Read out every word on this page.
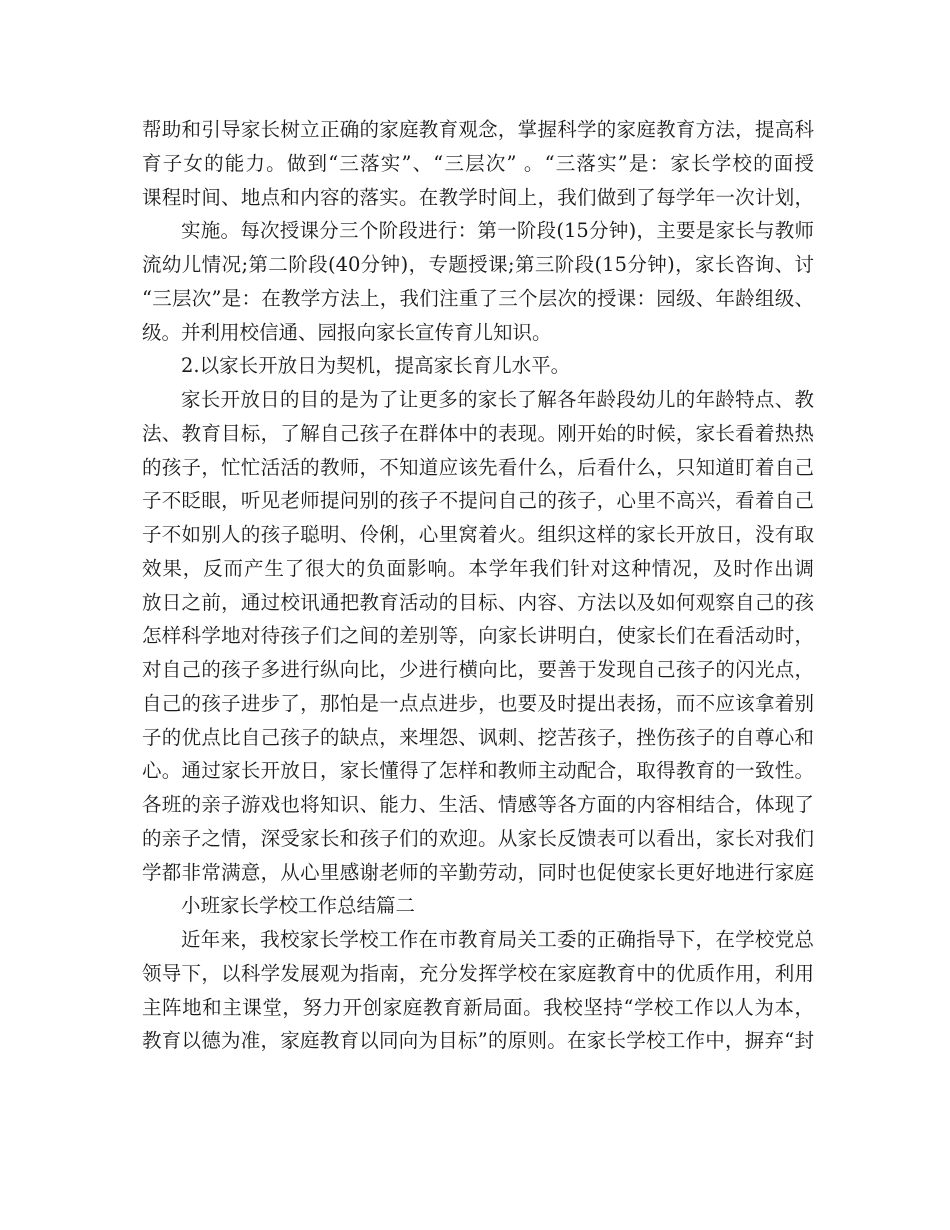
帮助和引导家长树立正确的家庭教育观念，掌握科学的家庭教育方法，提高科
育子女的能力。做到“三落实”、“三层次” 。“三落实”是：家长学校的面授
课程时间、地点和内容的落实。在教学时间上，我们做到了每学年一次计划，
实施。每次授课分三个阶段进行：第一阶段(15分钟)，主要是家长与教师
流幼儿情况;第二阶段(40分钟)，专题授课;第三阶段(15分钟)，家长咨询、讨
“三层次”是：在教学方法上，我们注重了三个层次的授课：园级、年龄组级、
级。并利用校信通、园报向家长宣传育儿知识。
2.以家长开放日为契机，提高家长育儿水平。
家长开放日的目的是为了让更多的家长了解各年龄段幼儿的年龄特点、教
法、教育目标，了解自己孩子在群体中的表现。刚开始的时候，家长看着热热
的孩子，忙忙活活的教师，不知道应该先看什么，后看什么，只知道盯着自己
子不眨眼，听见老师提问别的孩子不提问自己的孩子，心里不高兴，看着自己
子不如别人的孩子聪明、伶俐，心里窝着火。组织这样的家长开放日，没有取
效果，反而产生了很大的负面影响。本学年我们针对这种情况，及时作出调
放日之前，通过校讯通把教育活动的目标、内容、方法以及如何观察自己的孩
怎样科学地对待孩子们之间的差别等，向家长讲明白，使家长们在看活动时，
对自己的孩子多进行纵向比，少进行横向比，要善于发现自己孩子的闪光点，
自己的孩子进步了，那怕是一点点进步，也要及时提出表扬，而不应该拿着别
子的优点比自己孩子的缺点，来埋怨、讽刺、挖苦孩子，挫伤孩子的自尊心和
心。通过家长开放日，家长懂得了怎样和教师主动配合，取得教育的一致性。
各班的亲子游戏也将知识、能力、生活、情感等各方面的内容相结合，体现了
的亲子之情，深受家长和孩子们的欢迎。从家长反馈表可以看出，家长对我们
学都非常满意，从心里感谢老师的辛勤劳动，同时也促使家长更好地进行家庭
小班家长学校工作总结篇二
近年来，我校家长学校工作在市教育局关工委的正确指导下，在学校党总
领导下，以科学发展观为指南，充分发挥学校在家庭教育中的优质作用，利用
主阵地和主课堂，努力开创家庭教育新局面。我校坚持“学校工作以人为本，
教育以德为准，家庭教育以同向为目标”的原则。在家长学校工作中，摒弃“封
